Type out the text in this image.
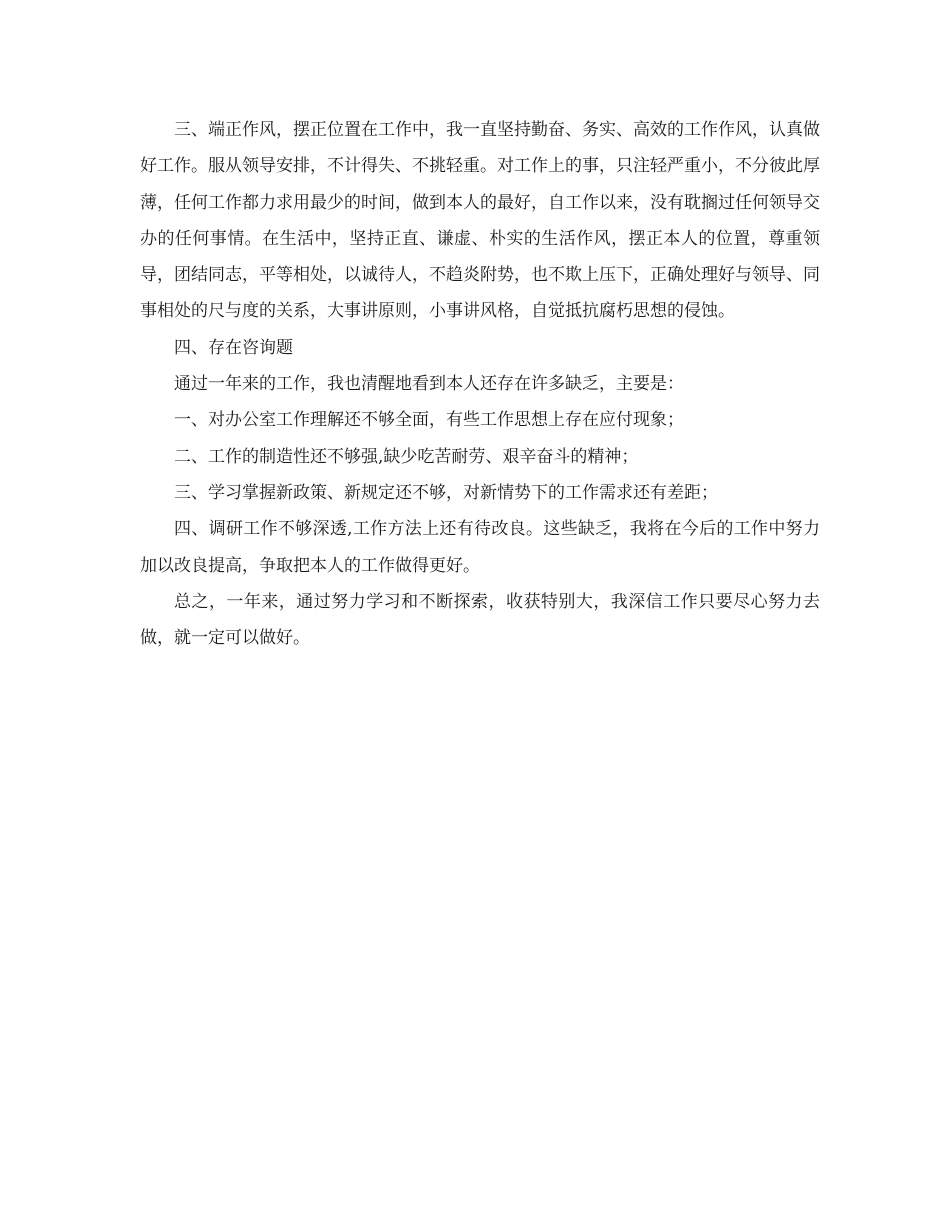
三、端正作风，摆正位置在工作中，我一直坚持勤奋、务实、高效的工作作风，认真做好工作。服从领导安排，不计得失、不挑轻重。对工作上的事，只注轻严重小，不分彼此厚薄，任何工作都力求用最少的时间，做到本人的最好，自工作以来，没有耽搁过任何领导交办的任何事情。在生活中，坚持正直、谦虚、朴实的生活作风，摆正本人的位置，尊重领导，团结同志，平等相处，以诚待人，不趋炎附势，也不欺上压下，正确处理好与领导、同事相处的尺与度的关系，大事讲原则，小事讲风格，自觉抵抗腐朽思想的侵蚀。

四、存在咨询题

通过一年来的工作，我也清醒地看到本人还存在许多缺乏，主要是：

一、对办公室工作理解还不够全面，有些工作思想上存在应付现象；

二、工作的制造性还不够强,缺少吃苦耐劳、艰辛奋斗的精神；

三、学习掌握新政策、新规定还不够，对新情势下的工作需求还有差距；

四、调研工作不够深透,工作方法上还有待改良。这些缺乏，我将在今后的工作中努力加以改良提高，争取把本人的工作做得更好。

总之，一年来，通过努力学习和不断探索，收获特别大，我深信工作只要尽心努力去做，就一定可以做好。
